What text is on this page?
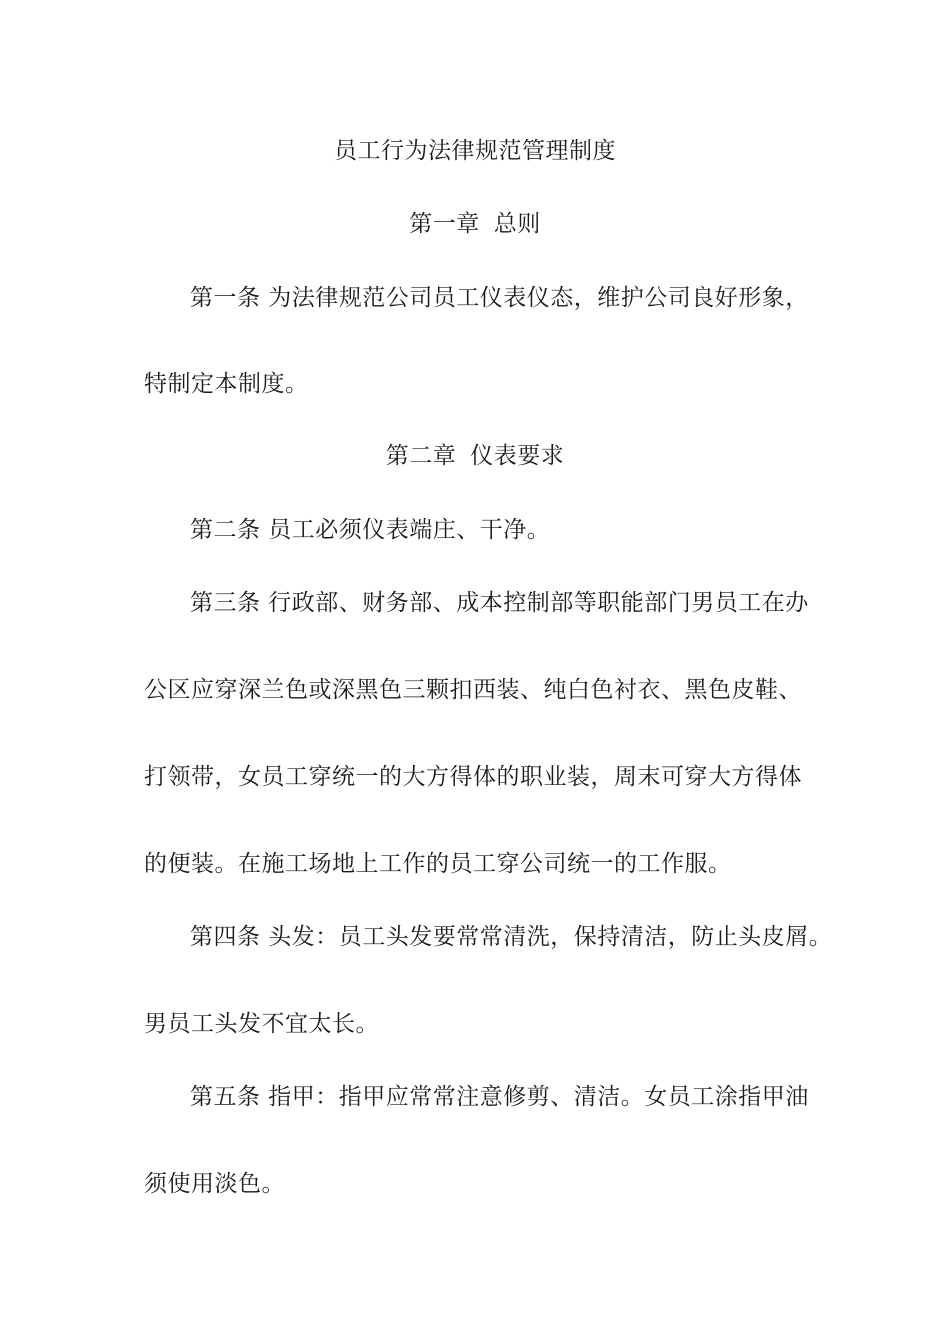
员工行为法律规范管理制度
第一章 总则
第一条 为法律规范公司员工仪表仪态，维护公司良好形象，
特制定本制度。
第二章 仪表要求
第二条 员工必须仪表端庄、干净。
第三条 行政部、财务部、成本控制部等职能部门男员工在办
公区应穿深兰色或深黑色三颗扣西装、纯白色衬衣、黑色皮鞋、
打领带，女员工穿统一的大方得体的职业装，周末可穿大方得体
的便装。在施工场地上工作的员工穿公司统一的工作服。
第四条 头发：员工头发要常常清洗，保持清洁，防止头皮屑。
男员工头发不宜太长。
第五条 指甲：指甲应常常注意修剪、清洁。女员工涂指甲油
须使用淡色。
